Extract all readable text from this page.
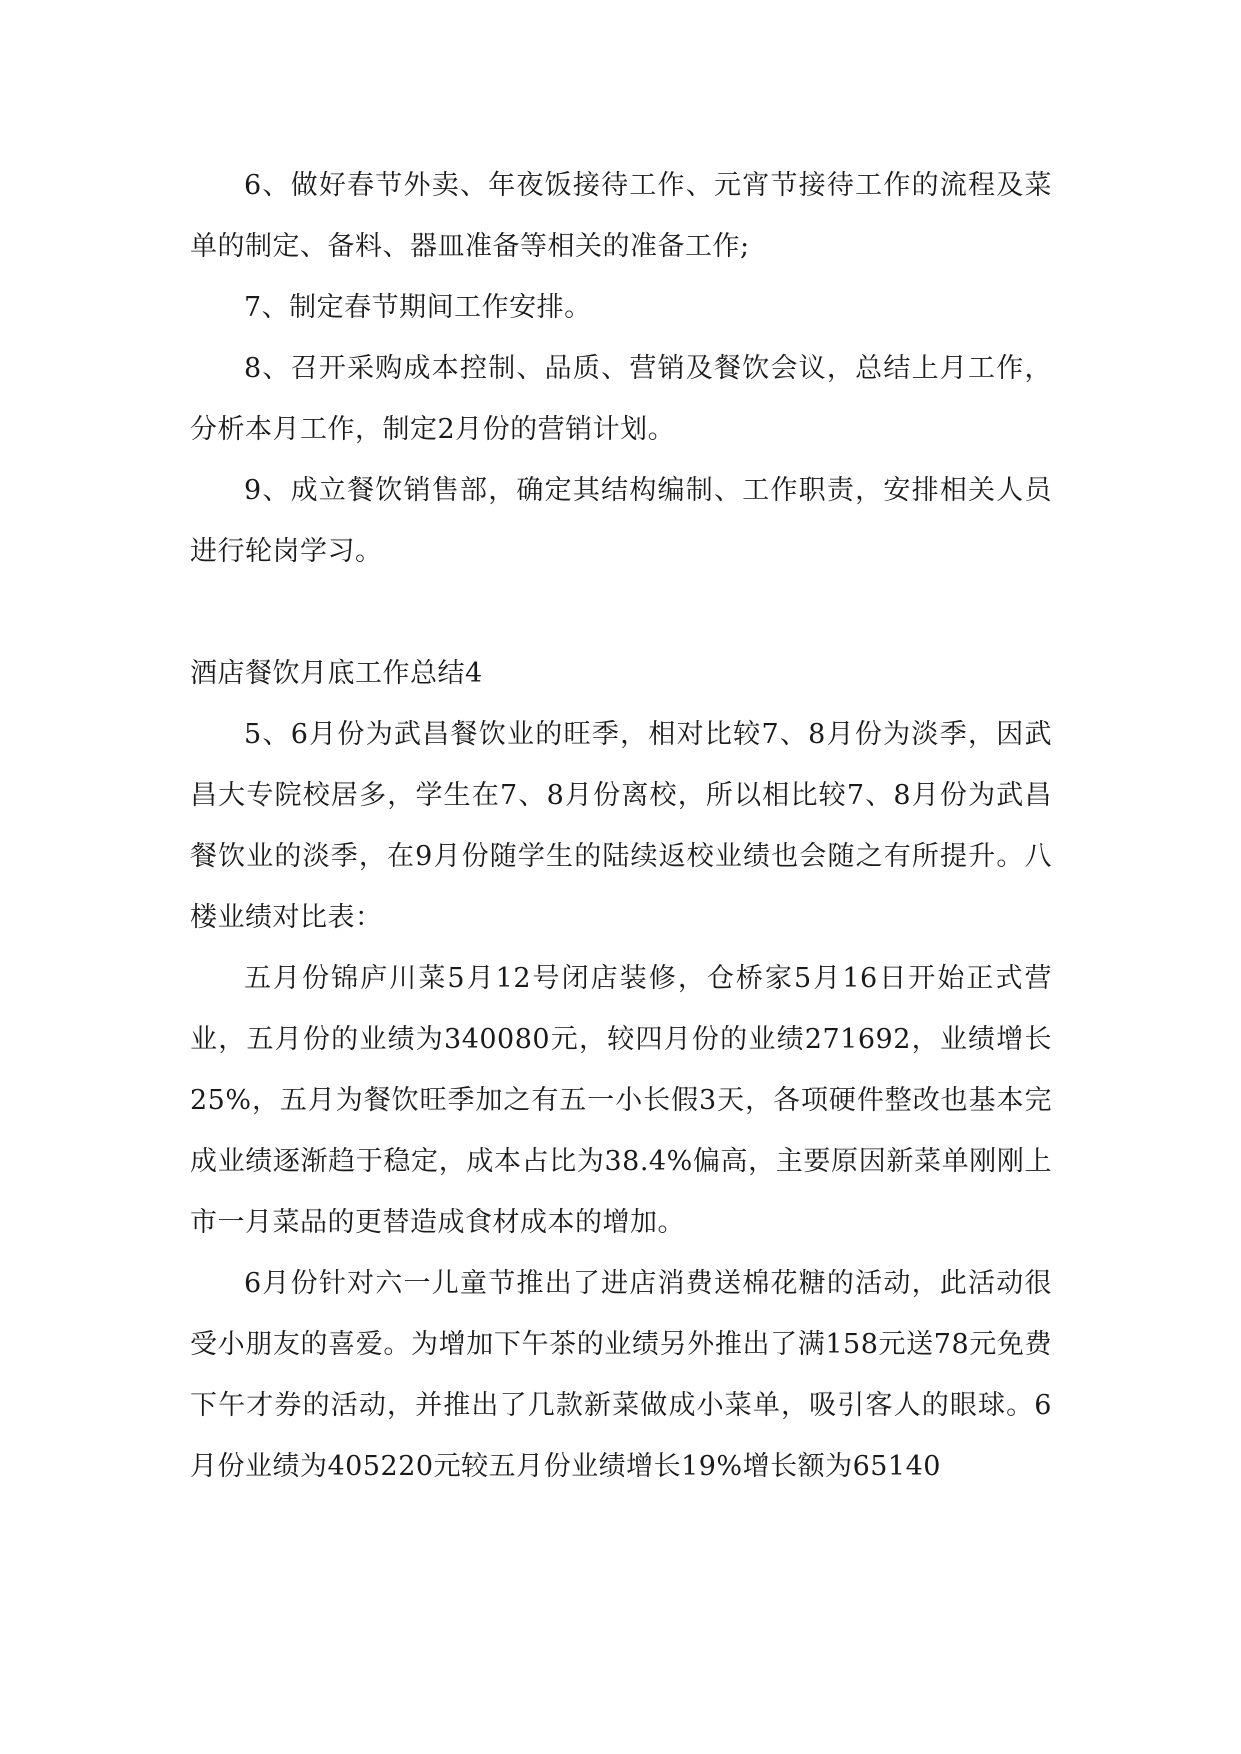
6、做好春节外卖、年夜饭接待工作、元宵节接待工作的流程及菜单的制定、备料、器皿准备等相关的准备工作;

7、制定春节期间工作安排。

8、召开采购成本控制、品质、营销及餐饮会议，总结上月工作，分析本月工作，制定2月份的营销计划。

9、成立餐饮销售部，确定其结构编制、工作职责，安排相关人员进行轮岗学习。

酒店餐饮月底工作总结4

5、6月份为武昌餐饮业的旺季，相对比较7、8月份为淡季，因武昌大专院校居多，学生在7、8月份离校，所以相比较7、8月份为武昌餐饮业的淡季，在9月份随学生的陆续返校业绩也会随之有所提升。八楼业绩对比表：

五月份锦庐川菜5月12号闭店装修，仓桥家5月16日开始正式营业，五月份的业绩为340080元，较四月份的业绩271692，业绩增长25%，五月为餐饮旺季加之有五一小长假3天，各项硬件整改也基本完成业绩逐渐趋于稳定，成本占比为38.4%偏高，主要原因新菜单刚刚上市一月菜品的更替造成食材成本的增加。

6月份针对六一儿童节推出了进店消费送棉花糖的活动，此活动很受小朋友的喜爱。为增加下午茶的业绩另外推出了满158元送78元免费下午才券的活动，并推出了几款新菜做成小菜单，吸引客人的眼球。6月份业绩为405220元较五月份业绩增长19%增长额为65140
